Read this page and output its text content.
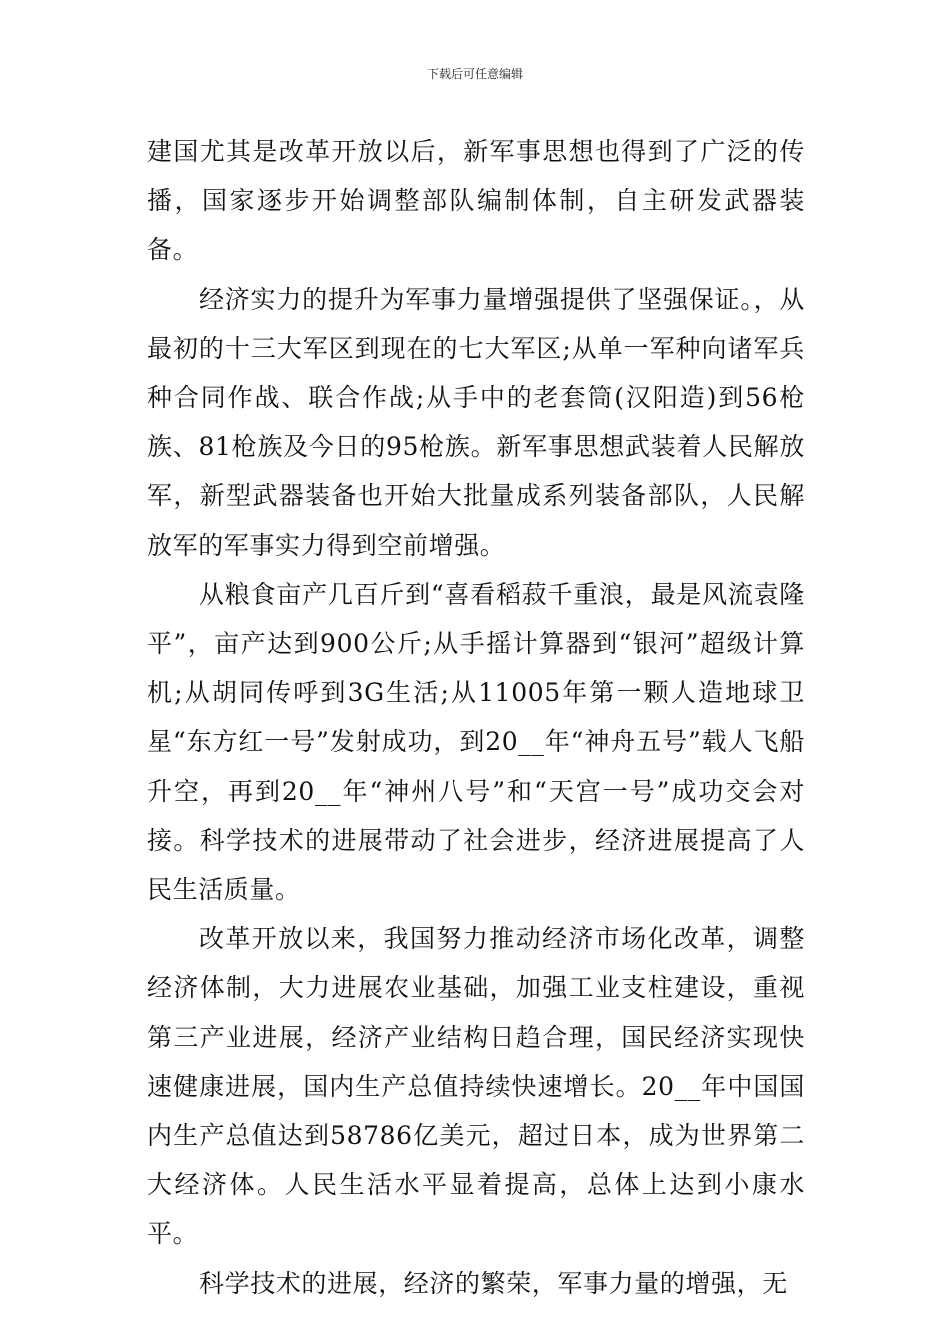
下载后可任意编辑

建国尤其是改革开放以后，新军事思想也得到了广泛的传播，国家逐步开始调整部队编制体制，自主研发武器装备。

经济实力的提升为军事力量增强提供了坚强保证。，从最初的十三大军区到现在的七大军区;从单一军种向诸军兵种合同作战、联合作战;从手中的老套筒(汉阳造)到56枪族、81枪族及今日的95枪族。新军事思想武装着人民解放军，新型武器装备也开始大批量成系列装备部队，人民解放军的军事实力得到空前增强。

从粮食亩产几百斤到“喜看稻菽千重浪，最是风流袁隆平”，亩产达到900公斤;从手摇计算器到“银河”超级计算机;从胡同传呼到3G生活;从11005年第一颗人造地球卫星“东方红一号”发射成功，到20__年“神舟五号”载人飞船升空，再到20__年“神州八号”和“天宫一号”成功交会对接。科学技术的进展带动了社会进步，经济进展提高了人民生活质量。

改革开放以来，我国努力推动经济市场化改革，调整经济体制，大力进展农业基础，加强工业支柱建设，重视第三产业进展，经济产业结构日趋合理，国民经济实现快速健康进展，国内生产总值持续快速增长。20__年中国国内生产总值达到58786亿美元，超过日本，成为世界第二大经济体。人民生活水平显着提高，总体上达到小康水平。

科学技术的进展，经济的繁荣，军事力量的增强，无
